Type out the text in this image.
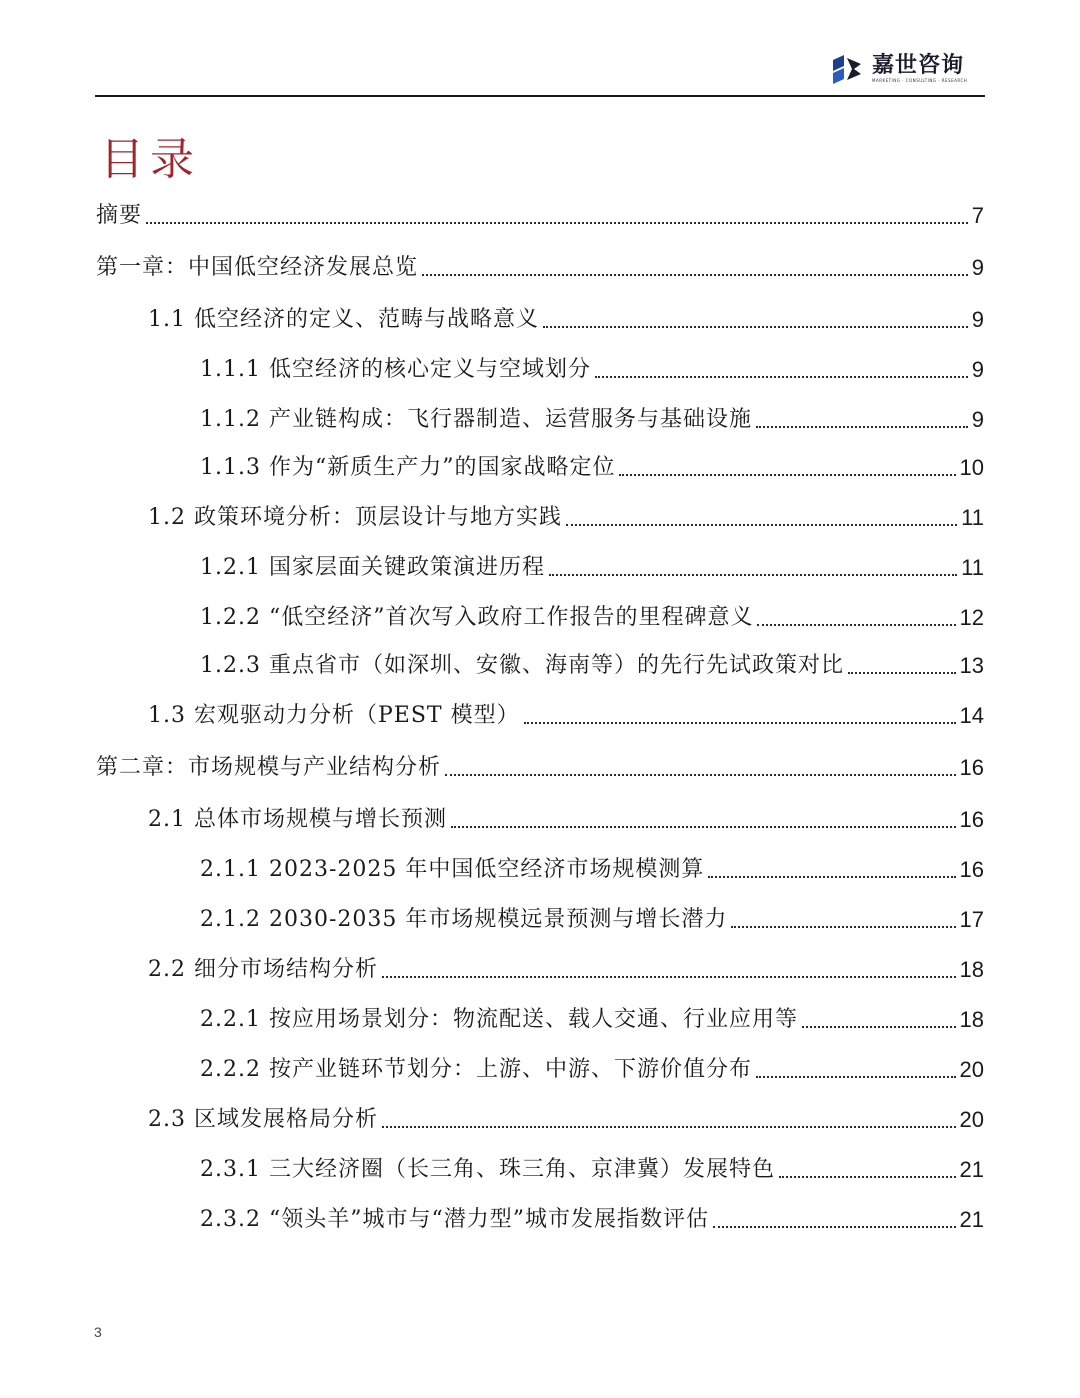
嘉世咨询
MARKETING · CONSULTING · RESEARCH
目录
摘要	7
第一章：中国低空经济发展总览	9
1.1 低空经济的定义、范畴与战略意义	9
1.1.1 低空经济的核心定义与空域划分	9
1.1.2 产业链构成：飞行器制造、运营服务与基础设施	9
1.1.3 作为“新质生产力”的国家战略定位	10
1.2 政策环境分析：顶层设计与地方实践	11
1.2.1 国家层面关键政策演进历程	11
1.2.2 “低空经济”首次写入政府工作报告的里程碑意义	12
1.2.3 重点省市（如深圳、安徽、海南等）的先行先试政策对比	13
1.3 宏观驱动力分析（PEST 模型）	14
第二章：市场规模与产业结构分析	16
2.1 总体市场规模与增长预测	16
2.1.1 2023-2025 年中国低空经济市场规模测算	16
2.1.2 2030-2035 年市场规模远景预测与增长潜力	17
2.2 细分市场结构分析	18
2.2.1 按应用场景划分：物流配送、载人交通、行业应用等	18
2.2.2 按产业链环节划分：上游、中游、下游价值分布	20
2.3 区域发展格局分析	20
2.3.1 三大经济圈（长三角、珠三角、京津冀）发展特色	21
2.3.2 “领头羊”城市与“潜力型”城市发展指数评估	21
3
